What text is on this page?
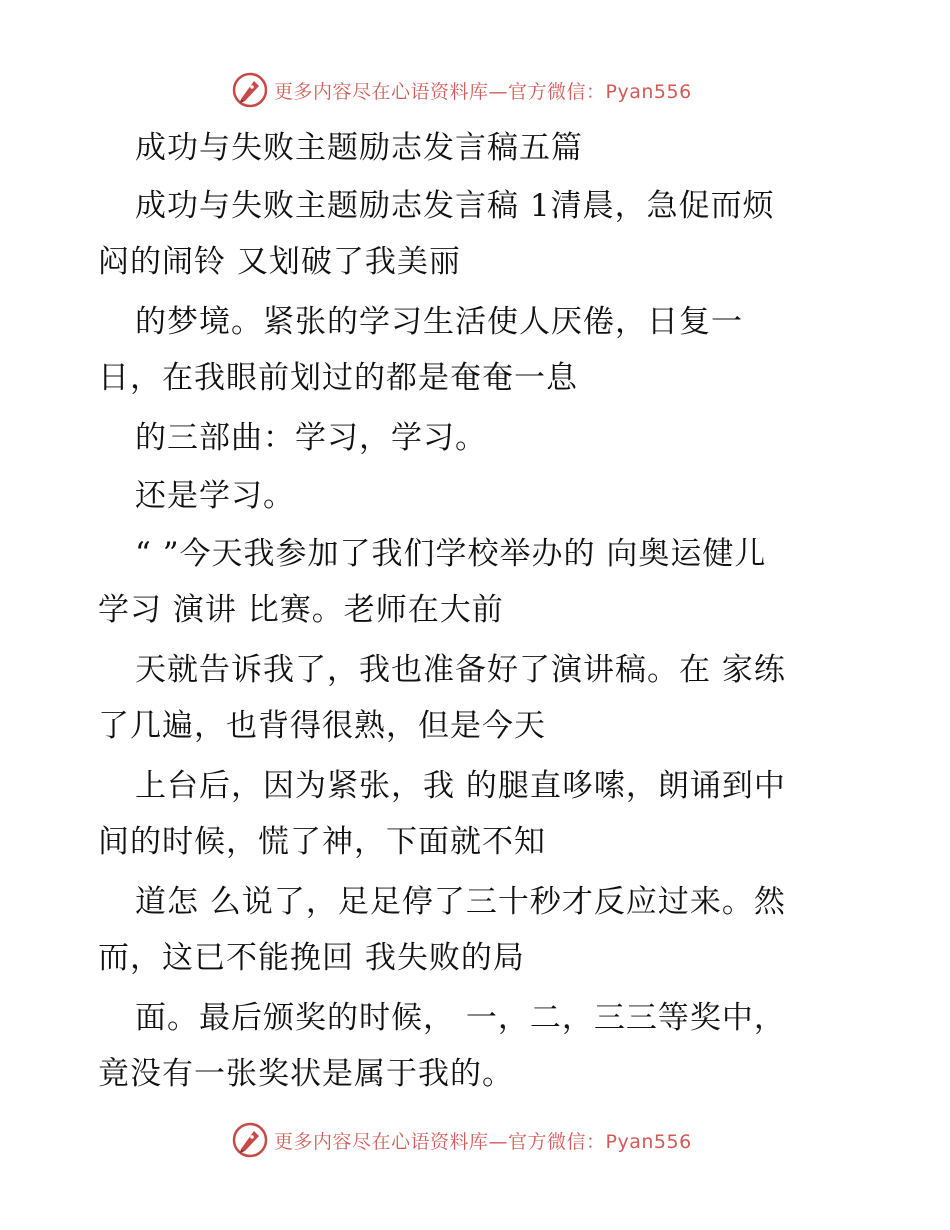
更多内容尽在心语资料库—官方微信：Pyan556

成功与失败主题励志发言稿五篇

成功与失败主题励志发言稿 1清晨，急促而烦

闷的闹铃 又划破了我美丽

的梦境。紧张的学习生活使人厌倦，日复一

日，在我眼前划过的都是奄奄一息

的三部曲：学习，学习。

还是学习。

“ ”今天我参加了我们学校举办的 向奥运健儿

学习 演讲 比赛。老师在大前

天就告诉我了，我也准备好了演讲稿。在 家练

了几遍，也背得很熟，但是今天

上台后，因为紧张，我 的腿直哆嗦，朗诵到中

间的时候，慌了神，下面就不知

道怎 么说了，足足停了三十秒才反应过来。然

而，这已不能挽回 我失败的局

面。最后颁奖的时候， 一，二，三三等奖中，

竟没有一张奖状是属于我的。

更多内容尽在心语资料库—官方微信：Pyan556
